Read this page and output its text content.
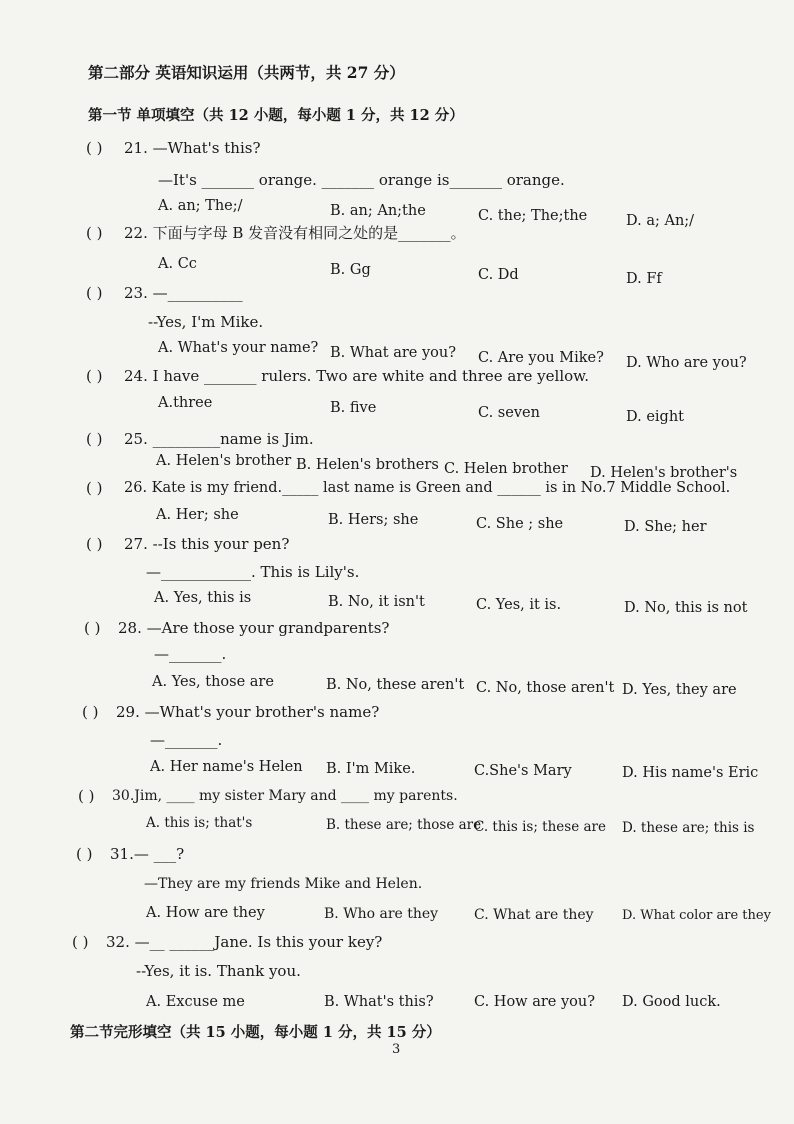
第二部分 英语知识运用（共两节，共 27 分）
第一节 单项填空（共 12 小题，每小题 1 分，共 12 分）
( ) 21. —What's this?
—It's _______ orange. _______ orange is_______ orange.
A. an; The;/	B. an; An;the	C. the; The;the	D. a; An;/
( ) 22. 下面与字母 B 发音没有相同之处的是_______。
A. Cc	B. Gg	C. Dd	D. Ff
( ) 23. —__________
--Yes, I'm Mike.
A. What's your name? B. What are you? C. Are you Mike? D. Who are you?
( ) 24. I have _______ rulers. Two are white and three are yellow.
A.three	B. five	C. seven	D. eight
( ) 25. _________name is Jim.
A. Helen's brother B. Helen's brothers C. Helen brother D. Helen's brother's
( ) 26. Kate is my friend._____ last name is Green and ______ is in No.7 Middle School.
A. Her; she	B. Hers; she	C. She ; she	D. She; her
( ) 27. --Is this your pen?
—____________. This is Lily's.
A. Yes, this is	B. No, it isn't	C. Yes, it is.	D. No, this is not
( ) 28. —Are those your grandparents?
—_______.
A. Yes, those are	B. No, these aren't C. No, those aren't D. Yes, they are
( ) 29. —What's your brother's name?
—_______.
A. Her name's Helen B. I'm Mike.	C.She's Mary	D. His name's Eric
( ) 30.Jim, ____ my sister Mary and ____ my parents.
A. this is; that's	B. these are; those are
C. this is; these are D. these are; this is
( ) 31.— ___?
—They are my friends Mike and Helen.
A. How are they	B. Who are they	C. What are they D. What color are they
( ) 32. —__ ______Jane. Is this your key?
--Yes, it is. Thank you.
A. Excuse me	B. What's this?	C. How are you? D. Good luck.
第二节完形填空（共 15 小题，每小题 1 分，共 15 分）
3
